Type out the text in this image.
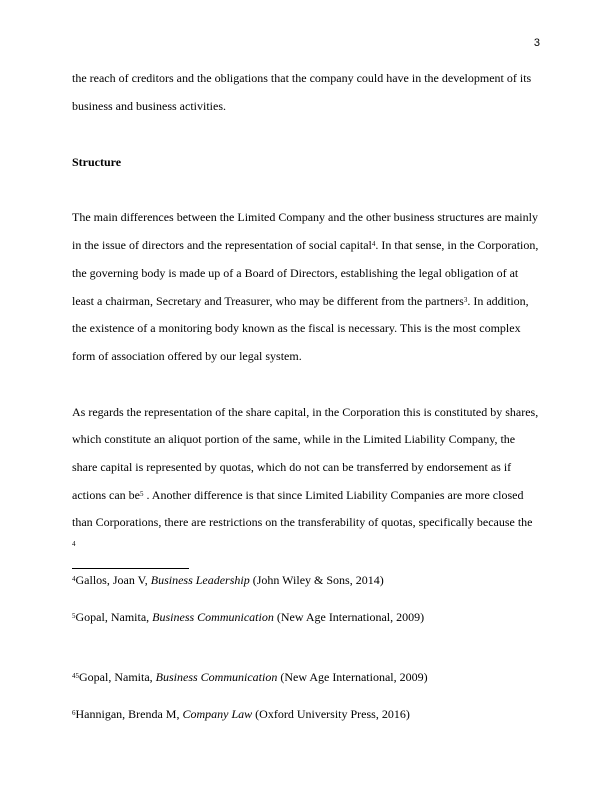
3
the reach of creditors and the obligations that the company could have in the development of its
business and business activities.
Structure
The main differences between the Limited Company and the other business structures are mainly
in the issue of directors and the representation of social capital$^4$. In that sense, in the Corporation,
the governing body is made up of a Board of Directors, establishing the legal obligation of at
least a chairman, Secretary and Treasurer, who may be different from the partners$^3$. In addition,
the existence of a monitoring body known as the fiscal is necessary. This is the most complex
form of association offered by our legal system.
As regards the representation of the share capital, in the Corporation this is constituted by shares,
which constitute an aliquot portion of the same, while in the Limited Liability Company, the
share capital is represented by quotas, which do not can be transferred by endorsement as if
actions can $be^5$ . Another difference is that since Limited Liability Companies are more closed
than Corporations, there are restrictions on the transferability of quotas, specifically because the
4
$^4$Gallos, Joan V, Business Leadership (John Wiley & Sons, 2014)
$^5$Gopal, Namita, Business Communication (New Age International, 2009)
$^{45}$Gopal, Namita, Business Communication (New Age International, 2009)
$^6$Hannigan, Brenda M, Company Law (Oxford University Press, 2016)
